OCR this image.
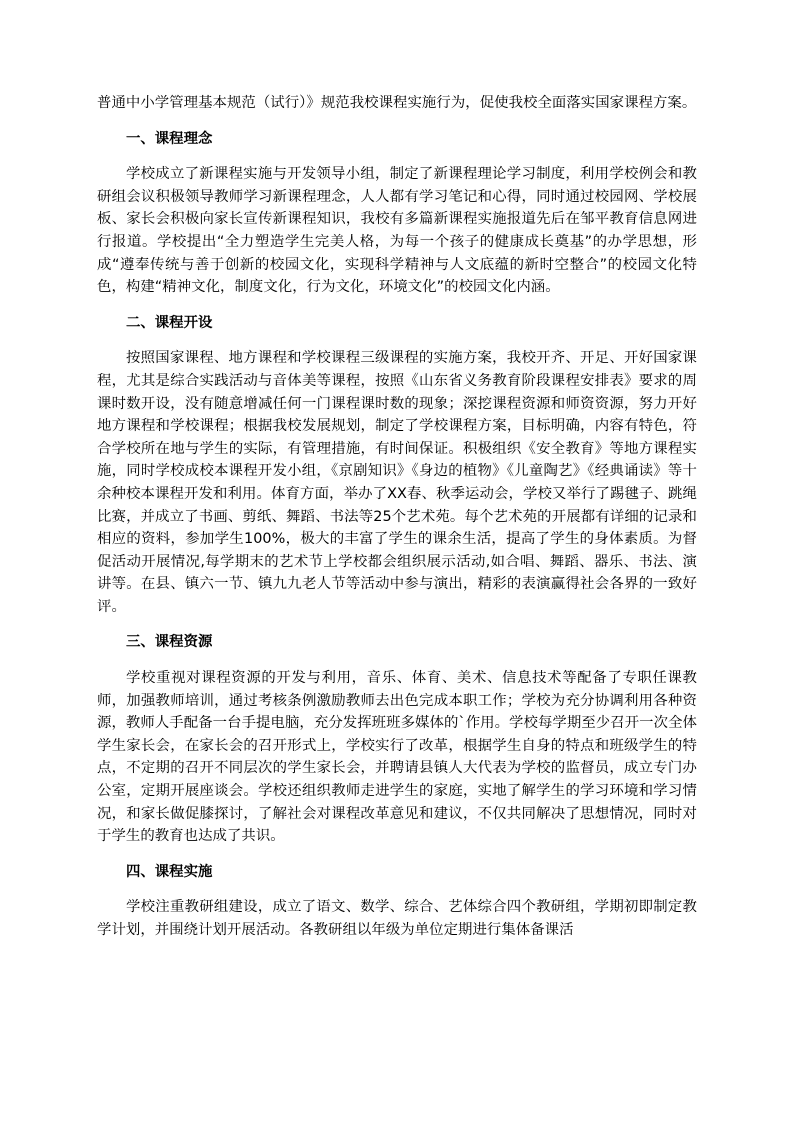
普通中小学管理基本规范（试行）》规范我校课程实施行为，促使我校全面落实国家课程方案。

一、课程理念

学校成立了新课程实施与开发领导小组，制定了新课程理论学习制度，利用学校例会和教研组会议积极领导教师学习新课程理念，人人都有学习笔记和心得，同时通过校园网、学校展板、家长会积极向家长宣传新课程知识，我校有多篇新课程实施报道先后在邹平教育信息网进行报道。学校提出“全力塑造学生完美人格，为每一个孩子的健康成长奠基”的办学思想，形成“遵奉传统与善于创新的校园文化，实现科学精神与人文底蕴的新时空整合”的校园文化特色，构建“精神文化，制度文化，行为文化，环境文化”的校园文化内涵。

二、课程开设

按照国家课程、地方课程和学校课程三级课程的实施方案，我校开齐、开足、开好国家课程，尤其是综合实践活动与音体美等课程，按照《山东省义务教育阶段课程安排表》要求的周课时数开设，没有随意增减任何一门课程课时数的现象；深挖课程资源和师资资源，努力开好地方课程和学校课程；根据我校发展规划，制定了学校课程方案，目标明确，内容有特色，符合学校所在地与学生的实际，有管理措施，有时间保证。积极组织《安全教育》等地方课程实施，同时学校成校本课程开发小组，《京剧知识》《身边的植物》《儿童陶艺》《经典诵读》等十余种校本课程开发和利用。体育方面，举办了XX春、秋季运动会，学校又举行了踢毽子、跳绳比赛，并成立了书画、剪纸、舞蹈、书法等25个艺术苑。每个艺术苑的开展都有详细的记录和相应的资料，参加学生100%，极大的丰富了学生的课余生活，提高了学生的身体素质。为督促活动开展情况,每学期末的艺术节上学校都会组织展示活动,如合唱、舞蹈、器乐、书法、演讲等。在县、镇六一节、镇九九老人节等活动中参与演出，精彩的表演赢得社会各界的一致好评。

三、课程资源

学校重视对课程资源的开发与利用，音乐、体育、美术、信息技术等配备了专职任课教师，加强教师培训，通过考核条例激励教师去出色完成本职工作；学校为充分协调利用各种资源，教师人手配备一台手提电脑，充分发挥班班多媒体的`作用。学校每学期至少召开一次全体学生家长会，在家长会的召开形式上，学校实行了改革，根据学生自身的特点和班级学生的特点，不定期的召开不同层次的学生家长会，并聘请县镇人大代表为学校的监督员，成立专门办公室，定期开展座谈会。学校还组织教师走进学生的家庭，实地了解学生的学习环境和学习情况，和家长做促膝探讨，了解社会对课程改革意见和建议，不仅共同解决了思想情况，同时对于学生的教育也达成了共识。

四、课程实施

学校注重教研组建设，成立了语文、数学、综合、艺体综合四个教研组，学期初即制定教学计划，并围绕计划开展活动。各教研组以年级为单位定期进行集体备课活
